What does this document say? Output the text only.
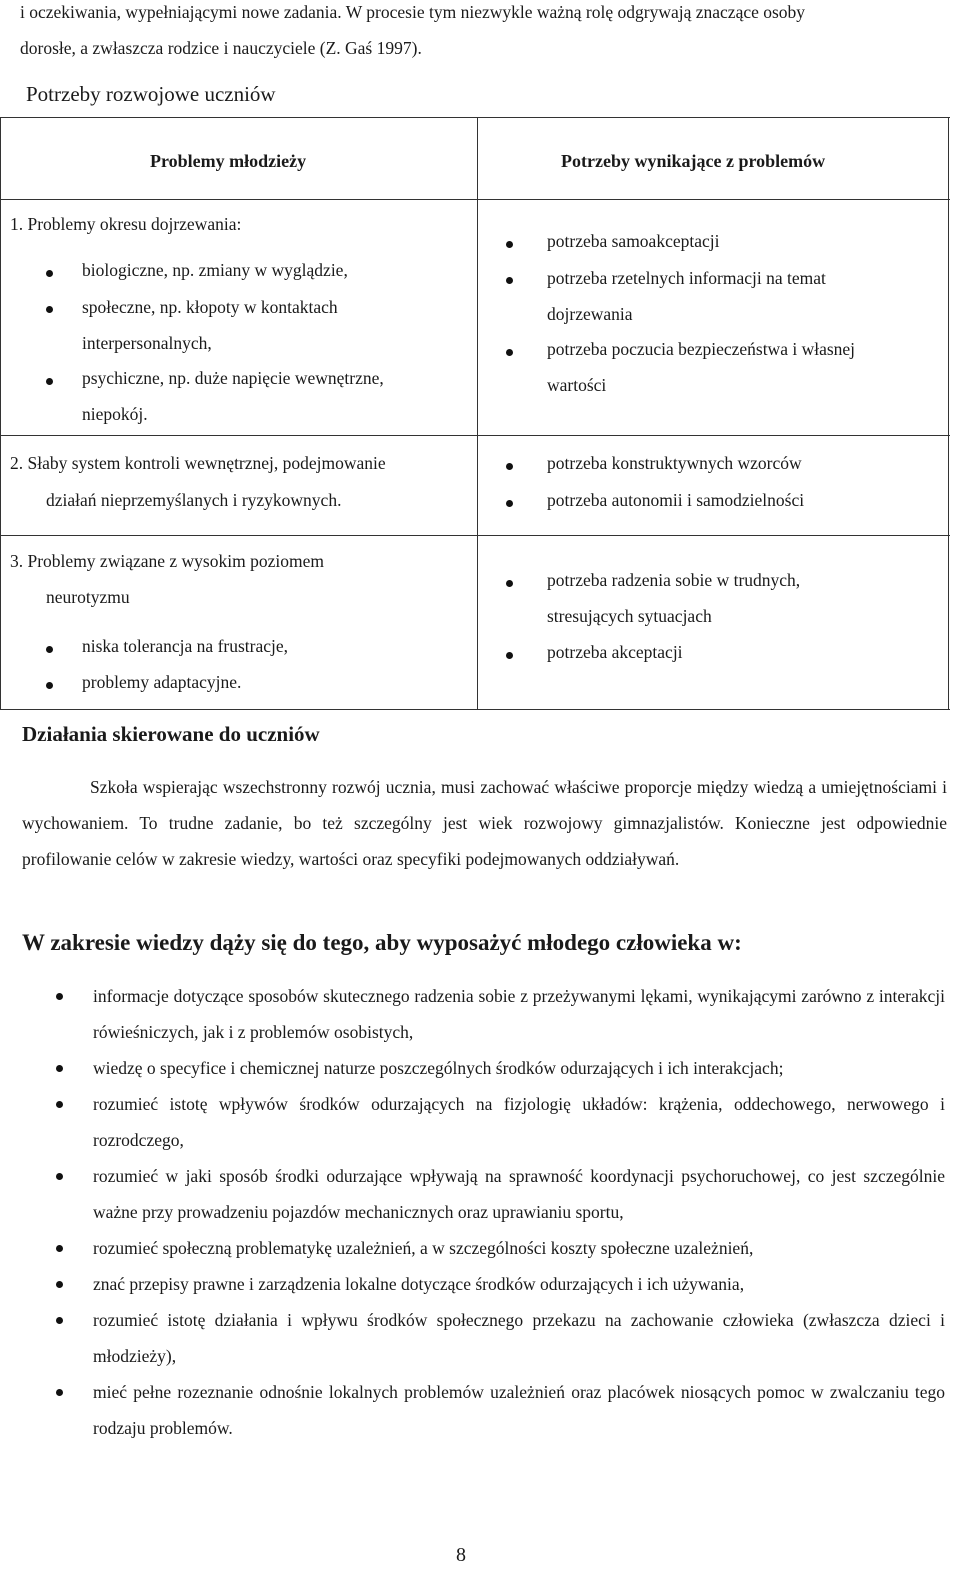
i oczekiwania, wypełniającymi nowe zadania. W procesie tym niezwykle ważną rolę odgrywają znaczące osoby
dorosłe, a zwłaszcza rodzice i nauczyciele (Z. Gaś 1997).
Potrzeby rozwojowe uczniów
Problemy młodzieży	Potrzeby wynikające z problemów
1. Problemy okresu dojrzewania:
biologiczne, np. zmiany w wyglądzie,
społeczne, np. kłopoty w kontaktach
interpersonalnych,
psychiczne, np. duże napięcie wewnętrzne,
niepokój.
potrzeba samoakceptacji
potrzeba rzetelnych informacji na temat
dojrzewania
potrzeba poczucia bezpieczeństwa i własnej
wartości
2. Słaby system kontroli wewnętrznej, podejmowanie
działań nieprzemyślanych i ryzykownych.
potrzeba konstruktywnych wzorców
potrzeba autonomii i samodzielności
3. Problemy związane z wysokim poziomem
neurotyzmu
niska tolerancja na frustracje,
problemy adaptacyjne.
potrzeba radzenia sobie w trudnych,
stresujących sytuacjach
potrzeba akceptacji
Działania skierowane do uczniów
Szkoła wspierając wszechstronny rozwój ucznia, musi zachować właściwe proporcje między wiedzą a umiejętnościami i wychowaniem. To trudne zadanie, bo też szczególny jest wiek rozwojowy gimnazjalistów. Konieczne jest odpowiednie profilowanie celów w zakresie wiedzy, wartości oraz specyfiki podejmowanych oddziaływań.
W zakresie wiedzy dąży się do tego, aby wyposażyć młodego człowieka w:
informacje dotyczące sposobów skutecznego radzenia sobie z przeżywanymi lękami, wynikającymi zarówno z interakcji rówieśniczych, jak i z problemów osobistych,
wiedzę o specyfice i chemicznej naturze poszczególnych środków odurzających i ich interakcjach;
rozumieć istotę wpływów środków odurzających na fizjologię układów: krążenia, oddechowego, nerwowego i rozrodczego,
rozumieć w jaki sposób środki odurzające wpływają na sprawność koordynacji psychoruchowej, co jest szczególnie ważne przy prowadzeniu pojazdów mechanicznych oraz uprawianiu sportu,
rozumieć społeczną problematykę uzależnień, a w szczególności koszty społeczne uzależnień,
znać przepisy prawne i zarządzenia lokalne dotyczące środków odurzających i ich używania,
rozumieć istotę działania i wpływu środków społecznego przekazu na zachowanie człowieka (zwłaszcza dzieci i młodzieży),
mieć pełne rozeznanie odnośnie lokalnych problemów uzależnień oraz placówek niosących pomoc w zwalczaniu tego rodzaju problemów.
8
